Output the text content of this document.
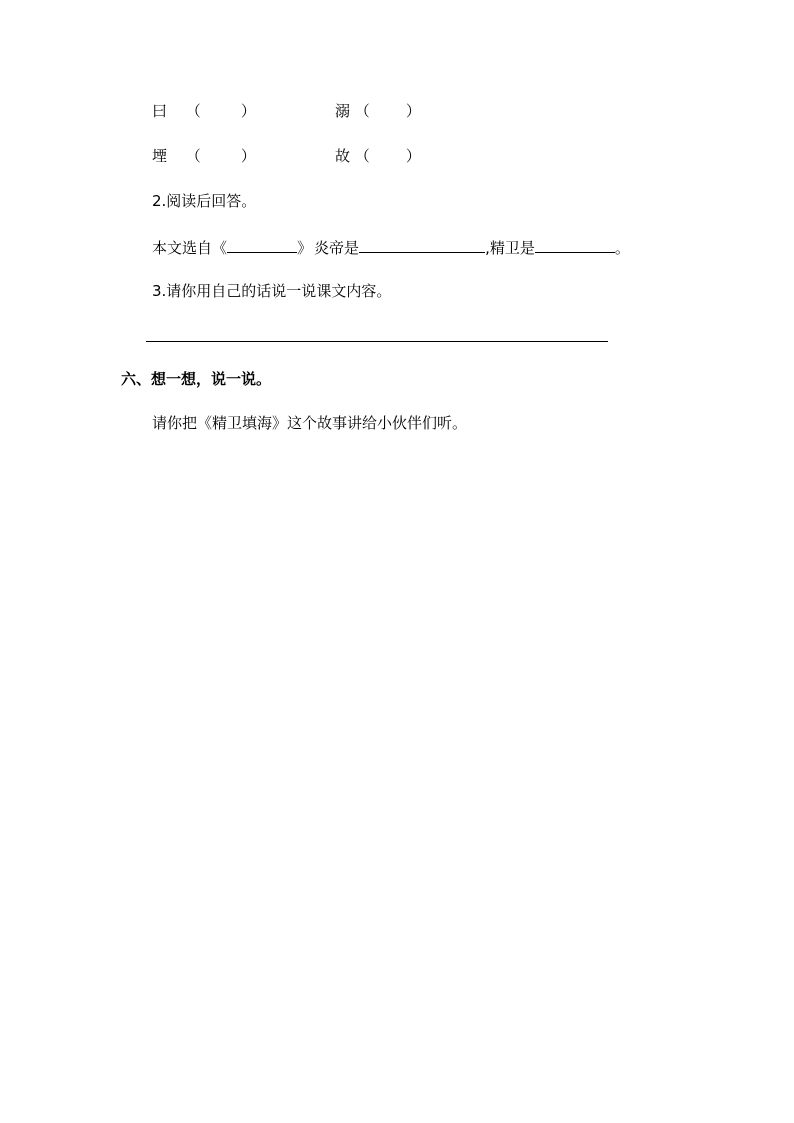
曰 （	）	溺 （ ）
堙 （	）	故 （ ）
2.阅读后回答。
本文选自《	》 炎帝是	,精卫是	。
3.请你用自己的话说一说课文内容。
六、想一想，说一说。
请你把《精卫填海》这个故事讲给小伙伴们听。
